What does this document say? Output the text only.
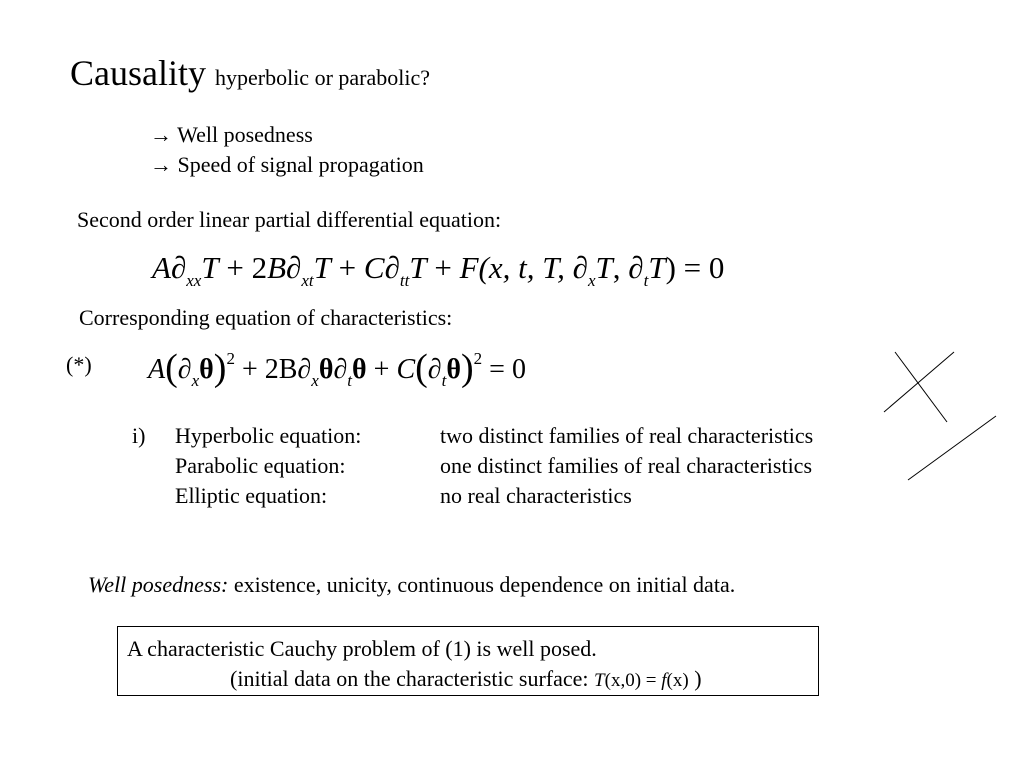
Causality hyperbolic or parabolic?
→ Well posedness
→ Speed of signal propagation
Second order linear partial differential equation:
$A\partial_{xx}T + 2B\partial_{xt}T + C\partial_{tt}T + F(x$, t, T, $\partial_xT$, $\partial_tT) = 0$
Corresponding equation of characteristics:
(*) $A(\partial_x\theta)^2 + 2B\partial_x\theta\partial_t\theta + C(\partial_t\theta)^2 = 0$
i) Hyperbolic equation:	two distinct families of real characteristics
Parabolic equation:	one distinct families of real characteristics
Elliptic equation:	no real characteristics
Well posedness: existence, unicity, continuous dependence on initial data.
A characteristic Cauchy problem of (1) is well posed.
(initial data on the characteristic surface: T(x,0) = f(x) )
